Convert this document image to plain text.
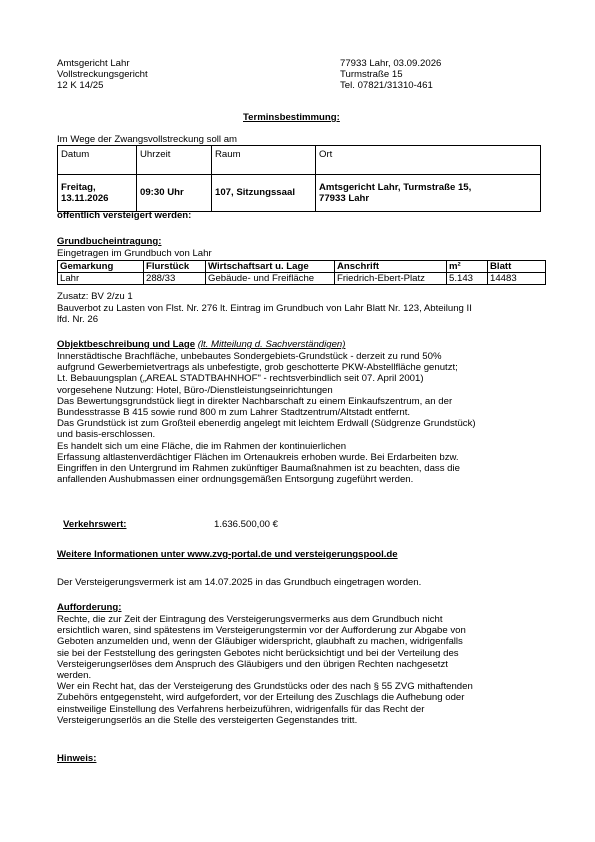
Amtsgericht Lahr
Vollstreckungsgericht
12 K 14/25
77933 Lahr, 03.09.2026
Turmstraße 15
Tel. 07821/31310-461
Terminsbestimmung:
Im Wege der Zwangsvollstreckung soll am
Datum	Uhrzeit	Raum	Ort
Freitag,
13.11.2026	09:30 Uhr	107, Sitzungssaal	Amtsgericht Lahr, Turmstraße 15,
77933 Lahr
öffentlich versteigert werden:
Grundbucheintragung:
Eingetragen im Grundbuch von Lahr
Gemarkung	Flurstück	Wirtschaftsart u. Lage	Anschrift	m²	Blatt
Lahr	288/33	Gebäude- und Freifläche	Friedrich-Ebert-Platz	5.143	14483
Zusatz: BV 2/zu 1
Bauverbot zu Lasten von Flst. Nr. 276 lt. Eintrag im Grundbuch von Lahr Blatt Nr. 123, Abteilung II
lfd. Nr. 26
Objektbeschreibung und Lage (lt. Mitteilung d. Sachverständigen)
Innerstädtische Brachfläche, unbebautes Sondergebiets-Grundstück - derzeit zu rund 50%
aufgrund Gewerbemietvertrags als unbefestigte, grob geschotterte PKW-Abstellfläche genutzt;
Lt. Bebauungsplan („AREAL STADTBAHNHOF" - rechtsverbindlich seit 07. April 2001)
vorgesehene Nutzung: Hotel, Büro-/Dienstleistungseinrichtungen
Das Bewertungsgrundstück liegt in direkter Nachbarschaft zu einem Einkaufszentrum, an der
Bundesstrasse B 415 sowie rund 800 m zum Lahrer Stadtzentrum/Altstadt entfernt.
Das Grundstück ist zum Großteil ebenerdig angelegt mit leichtem Erdwall (Südgrenze Grundstück)
und basis-erschlossen.
Es handelt sich um eine Fläche, die im Rahmen der kontinuierlichen
Erfassung altlastenverdächtiger Flächen im Ortenaukreis erhoben wurde. Bei Erdarbeiten bzw.
Eingriffen in den Untergrund im Rahmen zukünftiger Baumaßnahmen ist zu beachten, dass die
anfallenden Aushubmassen einer ordnungsgemäßen Entsorgung zugeführt werden.
Verkehrswert:	1.636.500,00 €
Weitere Informationen unter www.zvg-portal.de und versteigerungspool.de
Der Versteigerungsvermerk ist am 14.07.2025 in das Grundbuch eingetragen worden.
Aufforderung:
Rechte, die zur Zeit der Eintragung des Versteigerungsvermerks aus dem Grundbuch nicht
ersichtlich waren, sind spätestens im Versteigerungstermin vor der Aufforderung zur Abgabe von
Geboten anzumelden und, wenn der Gläubiger widerspricht, glaubhaft zu machen, widrigenfalls
sie bei der Feststellung des geringsten Gebotes nicht berücksichtigt und bei der Verteilung des
Versteigerungserlöses dem Anspruch des Gläubigers und den übrigen Rechten nachgesetzt
werden.
Wer ein Recht hat, das der Versteigerung des Grundstücks oder des nach § 55 ZVG mithaftenden
Zubehörs entgegensteht, wird aufgefordert, vor der Erteilung des Zuschlags die Aufhebung oder
einstweilige Einstellung des Verfahrens herbeizuführen, widrigenfalls für das Recht der
Versteigerungserlös an die Stelle des versteigerten Gegenstandes tritt.
Hinweis:
